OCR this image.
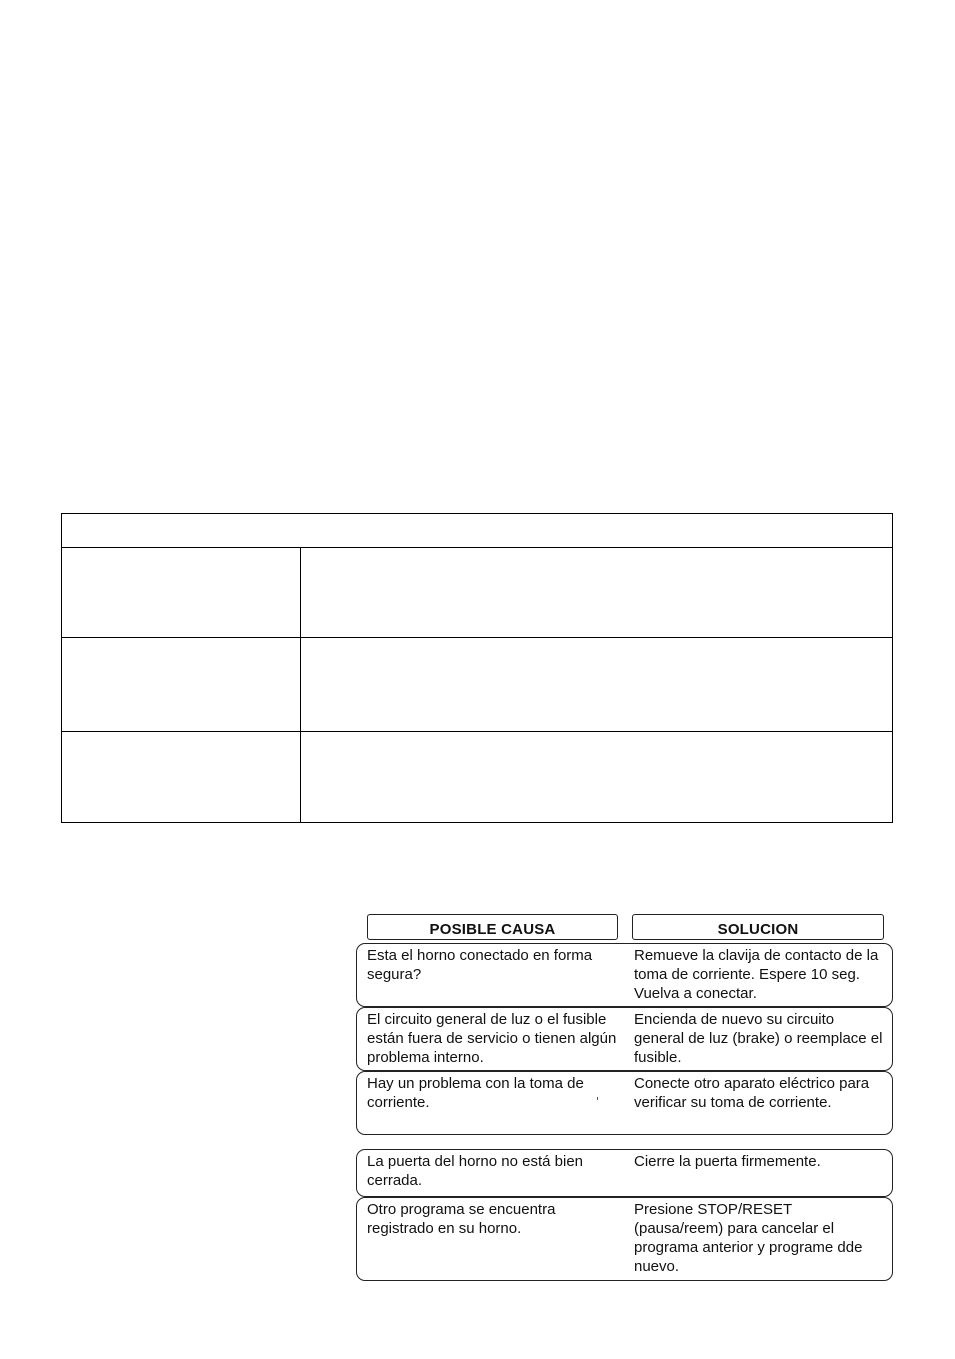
POSIBLE CAUSA	SOLUCION
Esta el horno conectado en forma segura?
Remueve la clavija de contacto de la toma de corriente. Espere 10 seg. Vuelva a conectar.
El circuito general de luz o el fusible están fuera de servicio o tienen algún problema interno.
Encienda de nuevo su circuito general de luz (brake) o reemplace el fusible.
Hay un problema con la toma de corriente.
Conecte otro aparato eléctrico para verificar su toma de corriente.
La puerta del horno no está bien cerrada.
Cierre la puerta firmemente.
Otro programa se encuentra registrado en su horno.
Presione STOP/RESET (pausa/reem) para cancelar el programa anterior y programe dde nuevo.
